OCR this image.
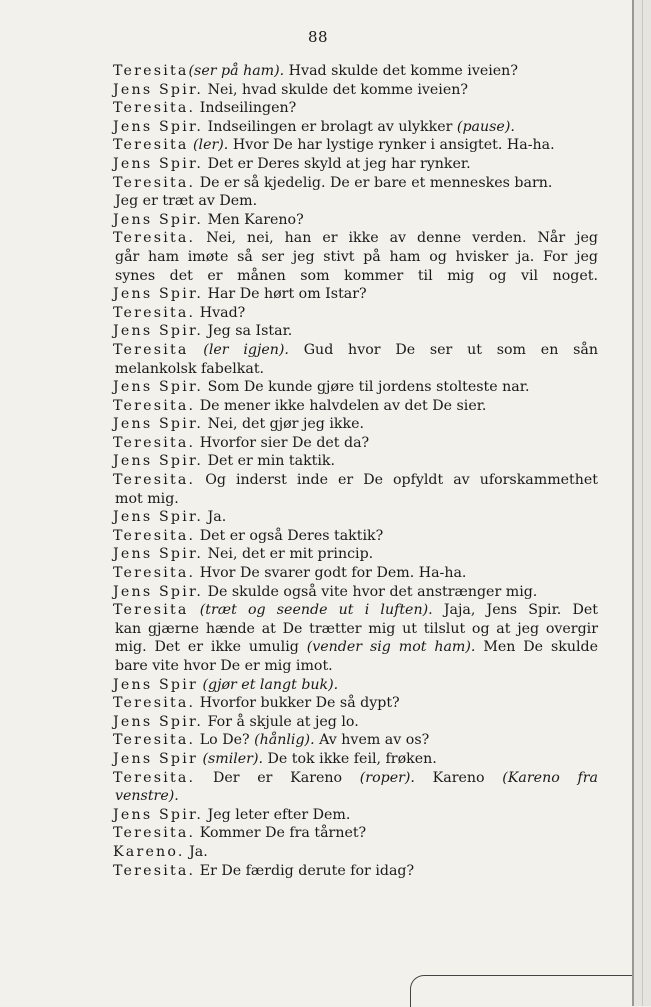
88
Teresita(ser på ham). Hvad skulde det komme iveien?
Jens Spir. Nei, hvad skulde det komme iveien?
Teresita. Indseilingen?
Jens Spir. Indseilingen er brolagt av ulykker (pause).
Teresita (ler). Hvor De har lystige rynker i ansigtet. Ha-ha.
Jens Spir. Det er Deres skyld at jeg har rynker.
Teresita. De er så kjedelig. De er bare et menneskes barn.
Jeg er træt av Dem.
Jens Spir. Men Kareno?
Teresita. Nei, nei, han er ikke av denne verden. Når jeg
går ham imøte så ser jeg stivt på ham og hvisker ja. For jeg
synes det er månen som kommer til mig og vil noget.
Jens Spir. Har De hørt om Istar?
Teresita. Hvad?
Jens Spir. Jeg sa Istar.
Teresita (ler igjen). Gud hvor De ser ut som en sån
melankolsk fabelkat.
Jens Spir. Som De kunde gjøre til jordens stolteste nar.
Teresita. De mener ikke halvdelen av det De sier.
Jens Spir. Nei, det gjør jeg ikke.
Teresita. Hvorfor sier De det da?
Jens Spir. Det er min taktik.
Teresita. Og inderst inde er De opfyldt av uforskammethet
mot mig.
Jens Spir. Ja.
Teresita. Det er også Deres taktik?
Jens Spir. Nei, det er mit princip.
Teresita. Hvor De svarer godt for Dem. Ha-ha.
Jens Spir. De skulde også vite hvor det anstrænger mig.
Teresita (træt og seende ut i luften). Jaja, Jens Spir. Det
kan gjærne hænde at De trætter mig ut tilslut og at jeg overgir
mig. Det er ikke umulig (vender sig mot ham). Men De skulde
bare vite hvor De er mig imot.
Jens Spir (gjør et langt buk).
Teresita. Hvorfor bukker De så dypt?
Jens Spir. For å skjule at jeg lo.
Teresita. Lo De? (hånlig). Av hvem av os?
Jens Spir (smiler). De tok ikke feil, frøken.
Teresita. Der er Kareno (roper). Kareno (Kareno fra
venstre).
Jens Spir. Jeg leter efter Dem.
Teresita. Kommer De fra tårnet?
Kareno. Ja.
Teresita. Er De færdig derute for idag?
